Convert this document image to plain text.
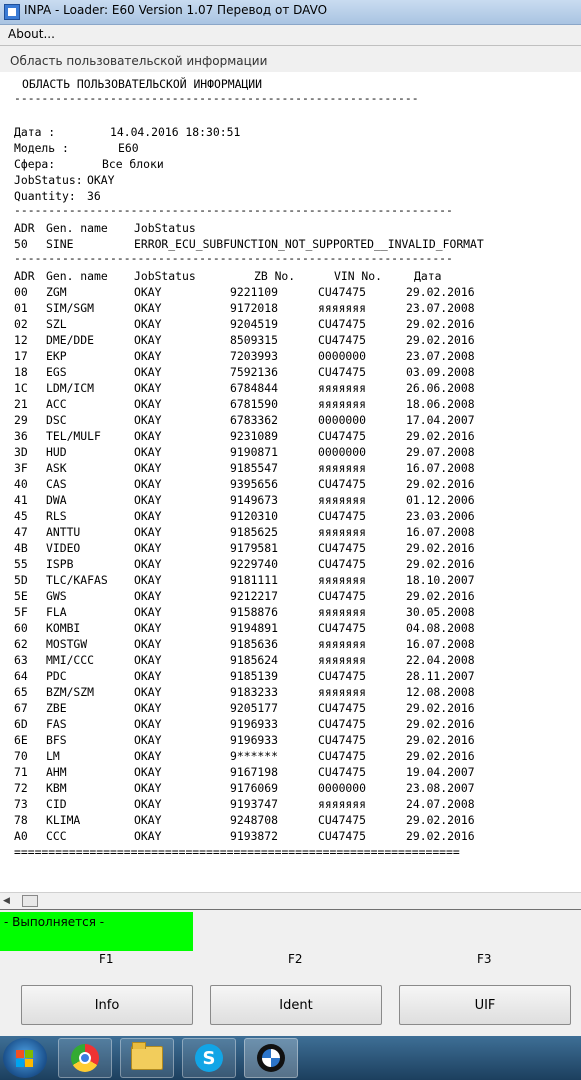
INPA - Loader: E60 Version 1.07 Перевод от DAVO
About...
Область пользовательской информации
ОБЛАСТЬ ПОЛЬЗОВАТЕЛЬСКОЙ ИНФОРМАЦИИ
-----------------------------------------------------------
Дата :	14.04.2016 18:30:51
Модель :	E60
Сфера:	Все блоки
JobStatus: OKAY
Quantity: 36
----------------------------------------------------------------
ADR Gen. name JobStatus
50 SINE	ERROR_ECU_SUBFUNCTION_NOT_SUPPORTED__INVALID_FORMAT
----------------------------------------------------------------
ADR Gen. name JobStatus	ZB No.	VIN No.	Дата
00 ZGM	OKAY	9221109	CU47475	29.02.2016
01 SIM/SGM	OKAY	9172018	яяяяяяя	23.07.2008
02 SZL	OKAY	9204519	CU47475	29.02.2016
12 DME/DDE	OKAY	8509315	CU47475	29.02.2016
17 EKP	OKAY	7203993	0000000	23.07.2008
18 EGS	OKAY	7592136	CU47475	03.09.2008
1C LDM/ICM	OKAY	6784844	яяяяяяя	26.06.2008
21 ACC	OKAY	6781590	яяяяяяя	18.06.2008
29 DSC	OKAY	6783362	0000000	17.04.2007
36 TEL/MULF	OKAY	9231089	CU47475	29.02.2016
3D HUD	OKAY	9190871	0000000	29.07.2008
3F ASK	OKAY	9185547	яяяяяяя	16.07.2008
40 CAS	OKAY	9395656	CU47475	29.02.2016
41 DWA	OKAY	9149673	яяяяяяя	01.12.2006
45 RLS	OKAY	9120310	CU47475	23.03.2006
47 ANTTU	OKAY	9185625	яяяяяяя	16.07.2008
4B VIDEO	OKAY	9179581	CU47475	29.02.2016
55 ISPB	OKAY	9229740	CU47475	29.02.2016
5D TLC/KAFAS OKAY	9181111	яяяяяяя	18.10.2007
5E GWS	OKAY	9212217	CU47475	29.02.2016
5F FLA	OKAY	9158876	яяяяяяя	30.05.2008
60 KOMBI	OKAY	9194891	CU47475	04.08.2008
62 MOSTGW	OKAY	9185636	яяяяяяя	16.07.2008
63 MMI/CCC	OKAY	9185624	яяяяяяя	22.04.2008
64 PDC	OKAY	9185139	CU47475	28.11.2007
65 BZM/SZM	OKAY	9183233	яяяяяяя	12.08.2008
67 ZBE	OKAY	9205177	CU47475	29.02.2016
6D FAS	OKAY	9196933	CU47475	29.02.2016
6E BFS	OKAY	9196933	CU47475	29.02.2016
70 LM	OKAY	9******	CU47475	29.02.2016
71 AHM	OKAY	9167198	CU47475	19.04.2007
72 KBM	OKAY	9176069	0000000	23.08.2007
73 CID	OKAY	9193747	яяяяяяя	24.07.2008
78 KLIMA	OKAY	9248708	CU47475	29.02.2016
A0 CCC	OKAY	9193872	CU47475	29.02.2016
=================================================================
◀
- Выполняется -
F1	F2	F3
Info	Ident	UIF
S
